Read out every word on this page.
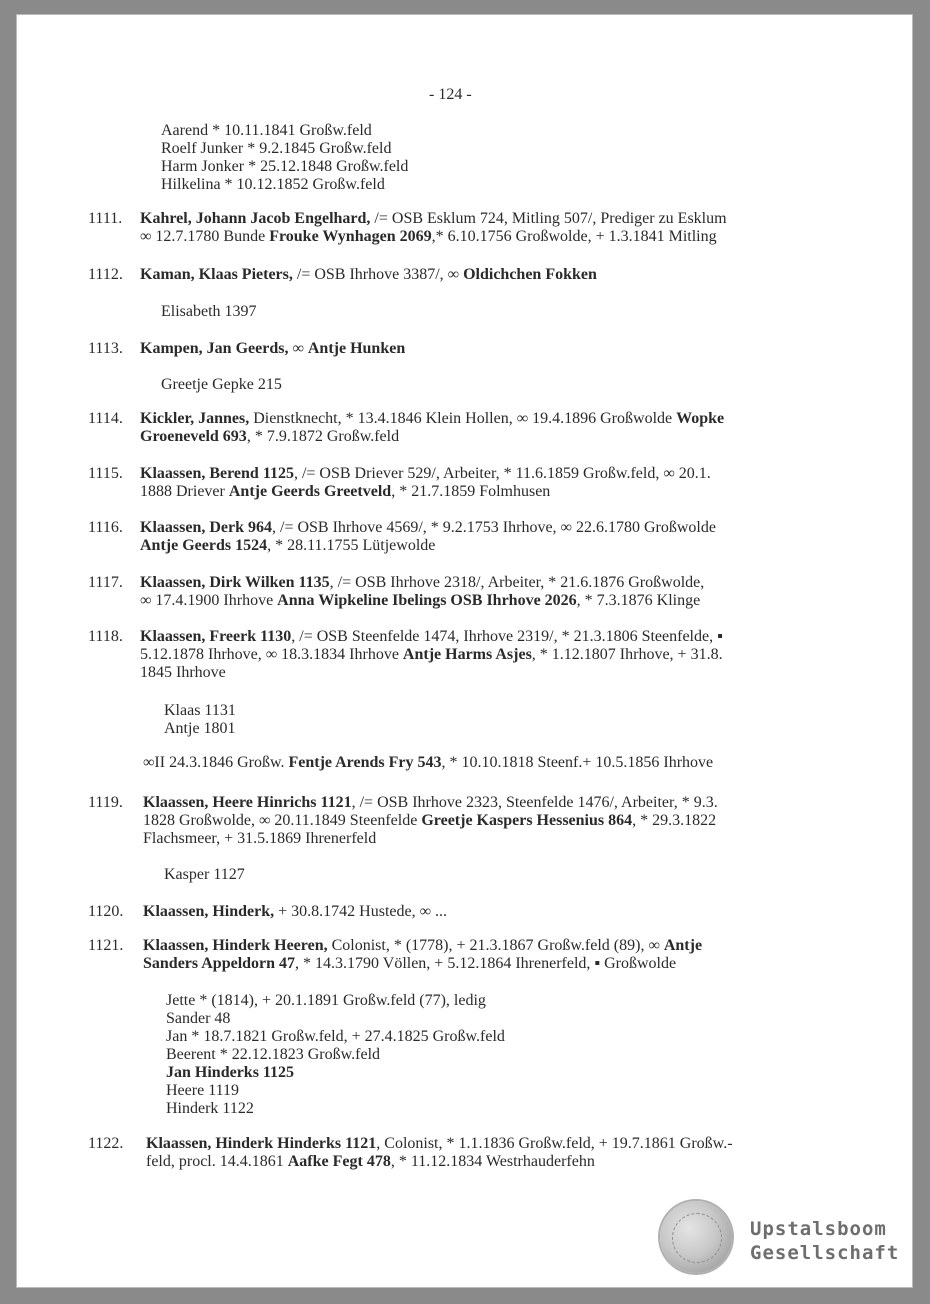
- 124 -
Aarend * 10.11.1841 Großw.feld
Roelf Junker * 9.2.1845 Großw.feld
Harm Jonker * 25.12.1848 Großw.feld
Hilkelina * 10.12.1852 Großw.feld
1111. Kahrel, Johann Jacob Engelhard, /= OSB Esklum 724, Mitling 507/, Prediger zu Esklum
∞ 12.7.1780 Bunde Frouke Wynhagen 2069,* 6.10.1756 Großwolde, + 1.3.1841 Mitling
1112. Kaman, Klaas Pieters, /= OSB Ihrhove 3387/, ∞ Oldichchen Fokken
Elisabeth 1397
1113. Kampen, Jan Geerds, ∞ Antje Hunken
Greetje Gepke 215
1114. Kickler, Jannes, Dienstknecht, * 13.4.1846 Klein Hollen, ∞ 19.4.1896 Großwolde Wopke
Groeneveld 693, * 7.9.1872 Großw.feld
1115. Klaassen, Berend 1125, /= OSB Driever 529/, Arbeiter, * 11.6.1859 Großw.feld, ∞ 20.1.
1888 Driever Antje Geerds Greetveld, * 21.7.1859 Folmhusen
1116. Klaassen, Derk 964, /= OSB Ihrhove 4569/, * 9.2.1753 Ihrhove, ∞ 22.6.1780 Großwolde
Antje Geerds 1524, * 28.11.1755 Lütjewolde
1117. Klaassen, Dirk Wilken 1135, /= OSB Ihrhove 2318/, Arbeiter, * 21.6.1876 Großwolde,
∞ 17.4.1900 Ihrhove Anna Wipkeline Ibelings OSB Ihrhove 2026, * 7.3.1876 Klinge
1118. Klaassen, Freerk 1130, /= OSB Steenfelde 1474, Ihrhove 2319/, * 21.3.1806 Steenfelde, ▪
5.12.1878 Ihrhove, ∞ 18.3.1834 Ihrhove Antje Harms Asjes, * 1.12.1807 Ihrhove, + 31.8.
1845 Ihrhove
Klaas 1131
Antje 1801
∞II 24.3.1846 Großw. Fentje Arends Fry 543, * 10.10.1818 Steenf.+ 10.5.1856 Ihrhove
1119. Klaassen, Heere Hinrichs 1121, /= OSB Ihrhove 2323, Steenfelde 1476/, Arbeiter, * 9.3.
1828 Großwolde, ∞ 20.11.1849 Steenfelde Greetje Kaspers Hessenius 864, * 29.3.1822
Flachsmeer, + 31.5.1869 Ihrenerfeld
Kasper 1127
1120. Klaassen, Hinderk, + 30.8.1742 Hustede, ∞ ...
1121. Klaassen, Hinderk Heeren, Colonist, * (1778), + 21.3.1867 Großw.feld (89), ∞ Antje
Sanders Appeldorn 47, * 14.3.1790 Völlen, + 5.12.1864 Ihrenerfeld, ▪ Großwolde
Jette * (1814), + 20.1.1891 Großw.feld (77), ledig
Sander 48
Jan * 18.7.1821 Großw.feld, + 27.4.1825 Großw.feld
Beerent * 22.12.1823 Großw.feld
Jan Hinderks 1125
Heere 1119
Hinderk 1122
1122. Klaassen, Hinderk Hinderks 1121, Colonist, * 1.1.1836 Großw.feld, + 19.7.1861 Großw.-
feld, procl. 14.4.1861 Aafke Fegt 478, * 11.12.1834 Westrhauderfehn
Upstalsboom
Gesellschaft
